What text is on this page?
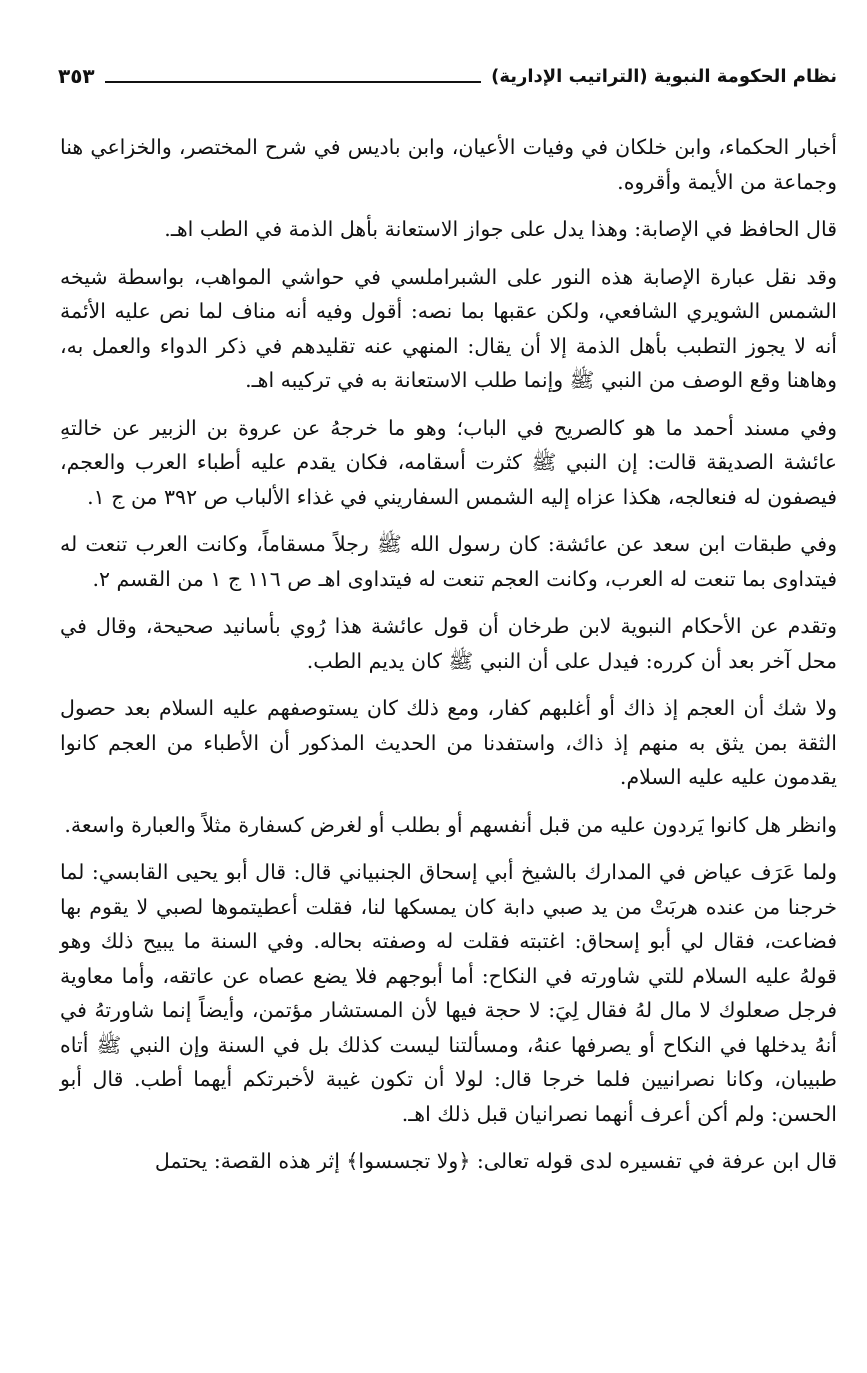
نظام الحكومة النبوية (التراتيب الإدارية)
٣٥٣

أخبار الحكماء، وابن خلكان في وفيات الأعيان، وابن باديس في شرح المختصر، والخزاعي هنا وجماعة من الأيمة وأقروه.

قال الحافظ في الإصابة: وهذا يدل على جواز الاستعانة بأهل الذمة في الطب اهـ.

وقد نقل عبارة الإصابة هذه النور على الشبراملسي في حواشي المواهب، بواسطة شيخه الشمس الشويري الشافعي، ولكن عقبها بما نصه: أقول وفيه أنه مناف لما نص عليه الأئمة أنه لا يجوز التطبب بأهل الذمة إلا أن يقال: المنهي عنه تقليدهم في ذكر الدواء والعمل به، وهاهنا وقع الوصف من النبي ﷺ وإنما طلب الاستعانة به في تركيبه اهـ.

وفي مسند أحمد ما هو كالصريح في الباب؛ وهو ما خرجهُ عن عروة بن الزبير عن خالتهِ عائشة الصديقة قالت: إن النبي ﷺ كثرت أسقامه، فكان يقدم عليه أطباء العرب والعجم، فيصفون له فنعالجه، هكذا عزاه إليه الشمس السفاريني في غذاء الألباب ص ٣٩٢ من ج ١.

وفي طبقات ابن سعد عن عائشة: كان رسول الله ﷺ رجلاً مسقاماً، وكانت العرب تنعت له فيتداوى بما تنعت له العرب، وكانت العجم تنعت له فيتداوى اهـ ص ١١٦ ج ١ من القسم ٢.

وتقدم عن الأحكام النبوية لابن طرخان أن قول عائشة هذا رُوي بأسانيد صحيحة، وقال في محل آخر بعد أن كرره: فيدل على أن النبي ﷺ كان يديم الطب.

ولا شك أن العجم إذ ذاك أو أغلبهم كفار، ومع ذلك كان يستوصفهم عليه السلام بعد حصول الثقة بمن يثق به منهم إذ ذاك، واستفدنا من الحديث المذكور أن الأطباء من العجم كانوا يقدمون عليه عليه السلام.

وانظر هل كانوا يَردون عليه من قبل أنفسهم أو بطلب أو لغرض كسفارة مثلاً والعبارة واسعة.

ولما عَرَف عياض في المدارك بالشيخ أبي إسحاق الجنبياني قال: قال أبو يحيى القابسي: لما خرجنا من عنده هربَتْ من يد صبي دابة كان يمسكها لنا، فقلت أعطيتموها لصبي لا يقوم بها فضاعت، فقال لي أبو إسحاق: اغتبته فقلت له وصفته بحاله. وفي السنة ما يبيح ذلك وهو قولهُ عليه السلام للتي شاورته في النكاح: أما أبوجهم فلا يضع عصاه عن عاتقه، وأما معاوية فرجل صعلوك لا مال لهُ فقال لِيَ: لا حجة فيها لأن المستشار مؤتمن، وأيضاً إنما شاورتهُ في أنهُ يدخلها في النكاح أو يصرفها عنهُ، ومسألتنا ليست كذلك بل في السنة وإن النبي ﷺ أتاه طبيبان، وكانا نصرانيين فلما خرجا قال: لولا أن تكون غيبة لأخبرتكم أيهما أطب. قال أبو الحسن: ولم أكن أعرف أنهما نصرانيان قبل ذلك اهـ.

قال ابن عرفة في تفسيره لدى قوله تعالى: ﴿ولا تجسسوا﴾ إثر هذه القصة: يحتمل
